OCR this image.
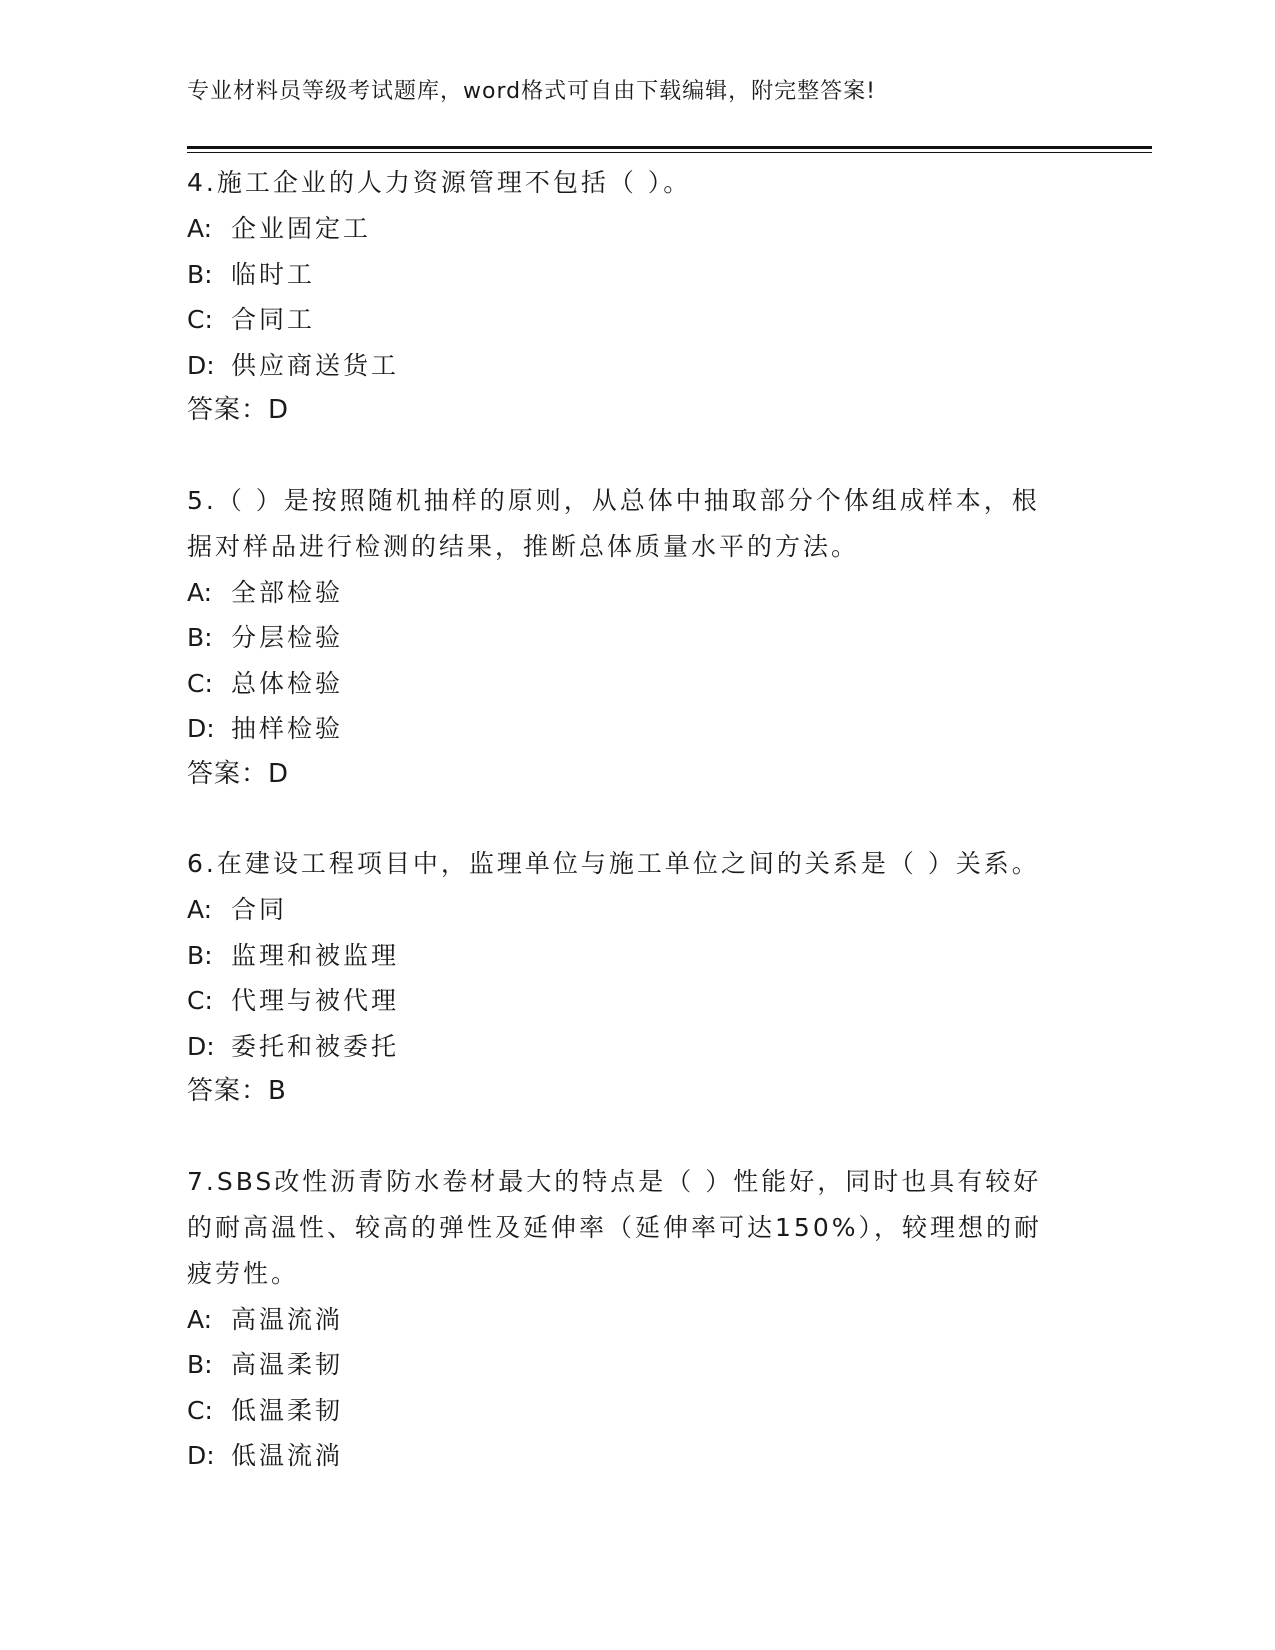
专业材料员等级考试题库，word格式可自由下载编辑，附完整答案!
4.施工企业的人力资源管理不包括（ ）。
A: 企业固定工
B: 临时工
C: 合同工
D: 供应商送货工
答案：D
5.（ ）是按照随机抽样的原则，从总体中抽取部分个体组成样本，根据对样品进行检测的结果，推断总体质量水平的方法。
A: 全部检验
B: 分层检验
C: 总体检验
D: 抽样检验
答案：D
6.在建设工程项目中，监理单位与施工单位之间的关系是（ ）关系。
A: 合同
B: 监理和被监理
C: 代理与被代理
D: 委托和被委托
答案：B
7.SBS改性沥青防水卷材最大的特点是（ ）性能好，同时也具有较好的耐高温性、较高的弹性及延伸率（延伸率可达150%），较理想的耐疲劳性。
A: 高温流淌
B: 高温柔韧
C: 低温柔韧
D: 低温流淌
